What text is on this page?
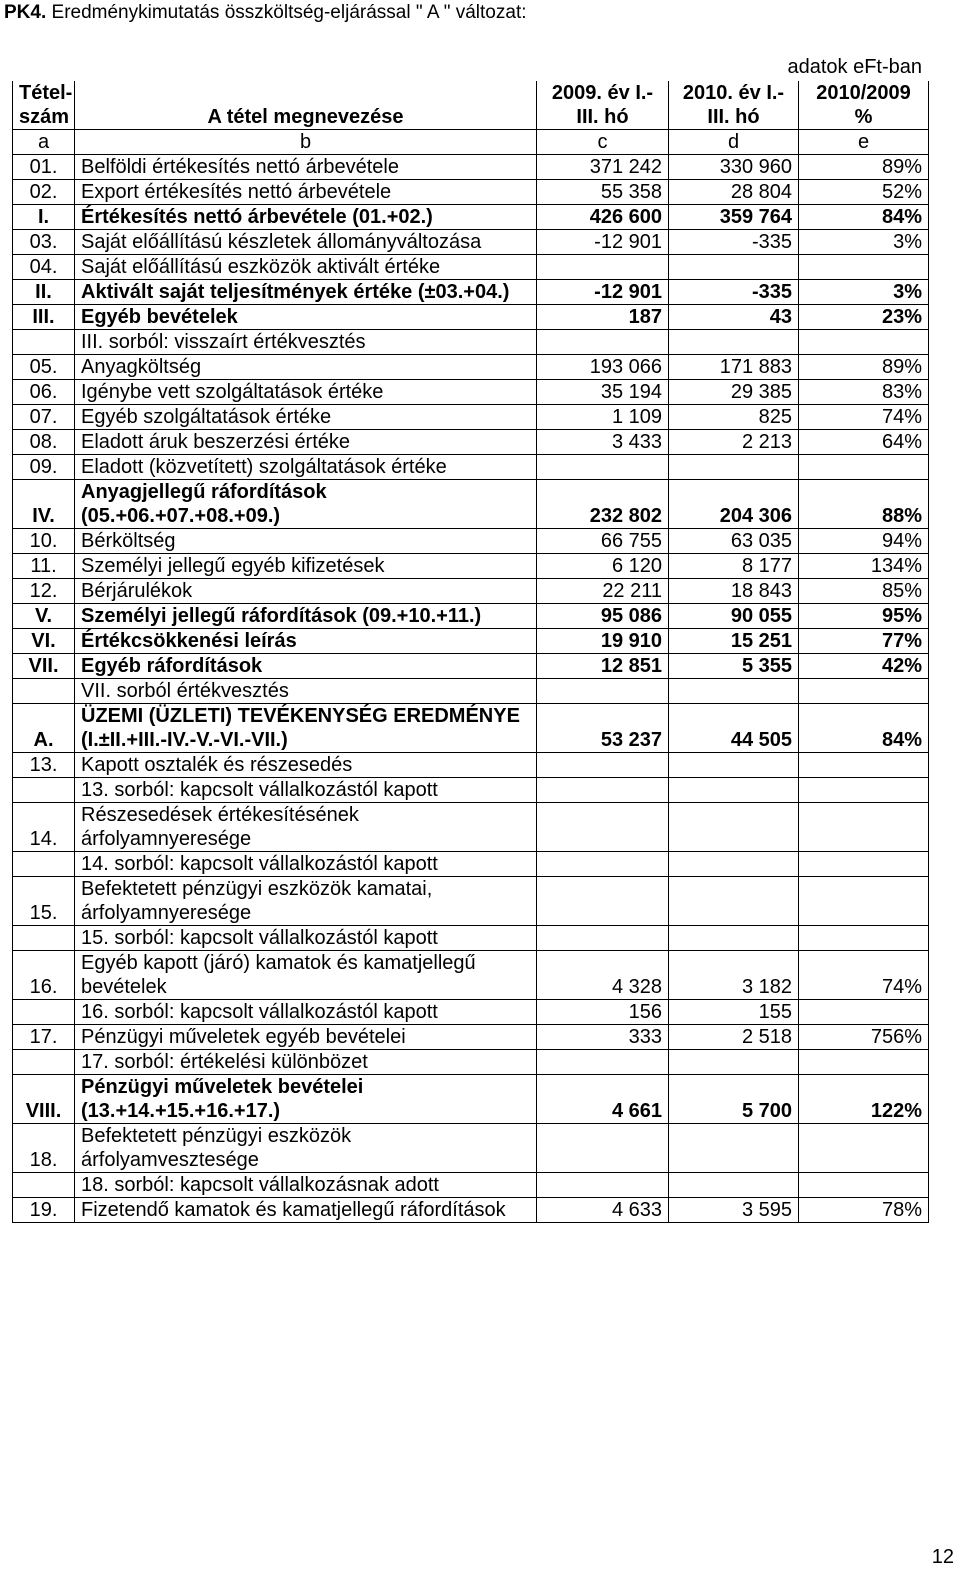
PK4. Eredménykimutatás összköltség-eljárással " A " változat:
adatok eFt-ban
Tétel-szám	A tétel megnevezése	2009. év I.-III. hó	2010. év I.-III. hó	2010/2009 %
a	b	c	d	e
01.	Belföldi értékesítés nettó árbevétele	371 242	330 960	89%
02.	Export értékesítés nettó árbevétele	55 358	28 804	52%
I.	Értékesítés nettó árbevétele (01.+02.)	426 600	359 764	84%
03.	Saját előállítású készletek állományváltozása	-12 901	-335	3%
04.	Saját előállítású eszközök aktivált értéke			
II.	Aktivált saját teljesítmények értéke (±03.+04.)	-12 901	-335	3%
III.	Egyéb bevételek	187	43	23%
	III. sorból: visszaírt értékvesztés			
05.	Anyagköltség	193 066	171 883	89%
06.	Igénybe vett szolgáltatások értéke	35 194	29 385	83%
07.	Egyéb szolgáltatások értéke	1 109	825	74%
08.	Eladott áruk beszerzési értéke	3 433	2 213	64%
09.	Eladott (közvetített) szolgáltatások értéke			
IV.	Anyagjellegű ráfordítások (05.+06.+07.+08.+09.)	232 802	204 306	88%
10.	Bérköltség	66 755	63 035	94%
11.	Személyi jellegű egyéb kifizetések	6 120	8 177	134%
12.	Bérjárulékok	22 211	18 843	85%
V.	Személyi jellegű ráfordítások (09.+10.+11.)	95 086	90 055	95%
VI.	Értékcsökkenési leírás	19 910	15 251	77%
VII.	Egyéb ráfordítások	12 851	5 355	42%
	VII. sorból értékvesztés			
A.	ÜZEMI (ÜZLETI) TEVÉKENYSÉG EREDMÉNYE (I.±II.+III.-IV.-V.-VI.-VII.)	53 237	44 505	84%
13.	Kapott osztalék és részesedés			
	13. sorból: kapcsolt vállalkozástól kapott			
14.	Részesedések értékesítésének árfolyamnyeresége			
	14. sorból: kapcsolt vállalkozástól kapott			
15.	Befektetett pénzügyi eszközök kamatai, árfolyamnyeresége			
	15. sorból: kapcsolt vállalkozástól kapott			
16.	Egyéb kapott (járó) kamatok és kamatjellegű bevételek	4 328	3 182	74%
	16. sorból: kapcsolt vállalkozástól kapott	156	155	
17.	Pénzügyi műveletek egyéb bevételei	333	2 518	756%
	17. sorból: értékelési különbözet			
VIII.	Pénzügyi műveletek bevételei (13.+14.+15.+16.+17.)	4 661	5 700	122%
18.	Befektetett pénzügyi eszközök árfolyamvesztesége			
	18. sorból: kapcsolt vállalkozásnak adott			
19.	Fizetendő kamatok és kamatjellegű ráfordítások	4 633	3 595	78%
12
